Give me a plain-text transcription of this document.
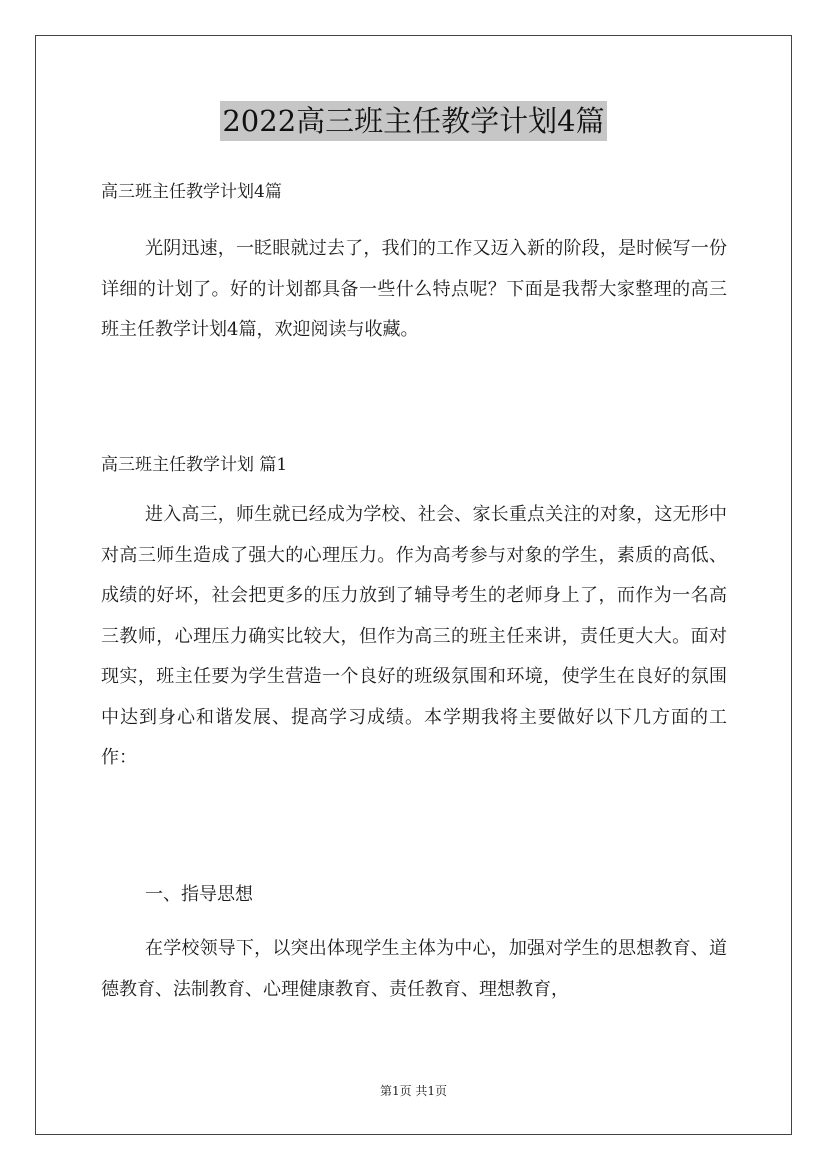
2022高三班主任教学计划4篇
高三班主任教学计划4篇

光阴迅速，一眨眼就过去了，我们的工作又迈入新的阶段，是时候写一份详细的计划了。好的计划都具备一些什么特点呢？下面是我帮大家整理的高三班主任教学计划4篇，欢迎阅读与收藏。

高三班主任教学计划 篇1

进入高三，师生就已经成为学校、社会、家长重点关注的对象，这无形中对高三师生造成了强大的心理压力。作为高考参与对象的学生，素质的高低、成绩的好坏，社会把更多的压力放到了辅导考生的老师身上了，而作为一名高三教师，心理压力确实比较大，但作为高三的班主任来讲，责任更大大。面对现实，班主任要为学生营造一个良好的班级氛围和环境，使学生在良好的氛围中达到身心和谐发展、提高学习成绩。本学期我将主要做好以下几方面的工作：

一、指导思想

在学校领导下，以突出体现学生主体为中心，加强对学生的思想教育、道德教育、法制教育、心理健康教育、责任教育、理想教育，

第1页 共1页
